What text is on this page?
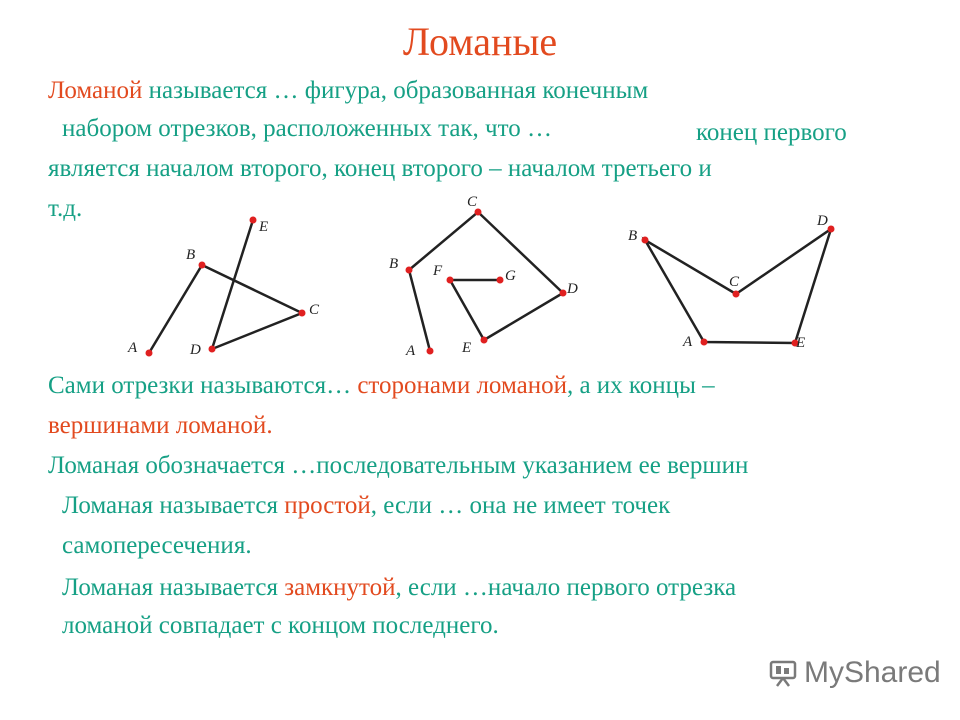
Ломаные
Ломаной называется … фигура, образованная конечным
набором отрезков, расположенных так, что …	конец первого
является началом второго, конец второго – началом третьего и
т.д.
A
B
C
D
E
A
B
C
D
E
F	G
A
B
C
D
E
Сами отрезки называются… сторонами ломаной, а их концы –
вершинами ломаной.
Ломаная обозначается …последовательным указанием ее вершин
Ломаная называется простой, если … она не имеет точек
самопересечения.
Ломаная называется замкнутой, если …начало первого отрезка
ломаной совпадает с концом последнего.
MyShared
